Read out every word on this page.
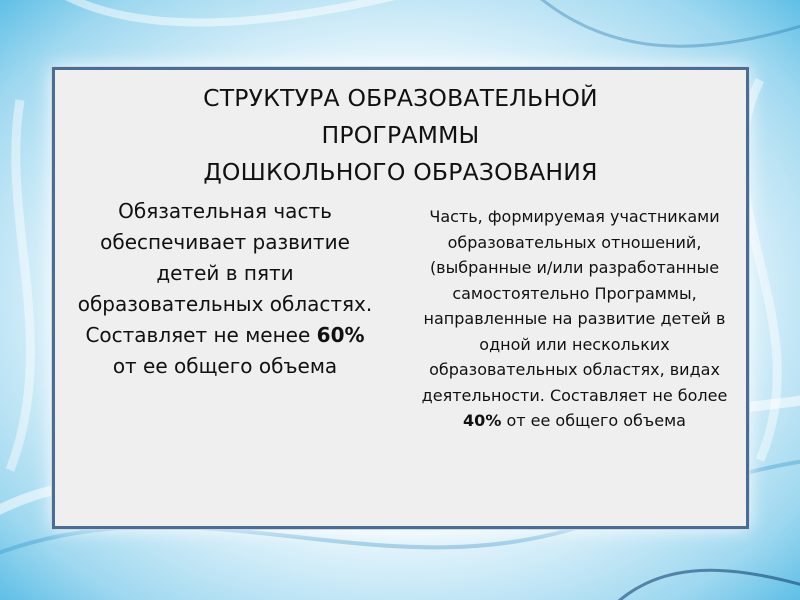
СТРУКТУРА ОБРАЗОВАТЕЛЬНОЙ
ПРОГРАММЫ
ДОШКОЛЬНОГО ОБРАЗОВАНИЯ
Обязательная часть обеспечивает развитие детей в пяти образовательных областях. Составляет не менее 60% от ее общего объема
Часть, формируемая участниками образовательных отношений, (выбранные и/или разработанные самостоятельно Программы, направленные на развитие детей в одной или нескольких образовательных областях, видах деятельности. Составляет не более 40% от ее общего объема
